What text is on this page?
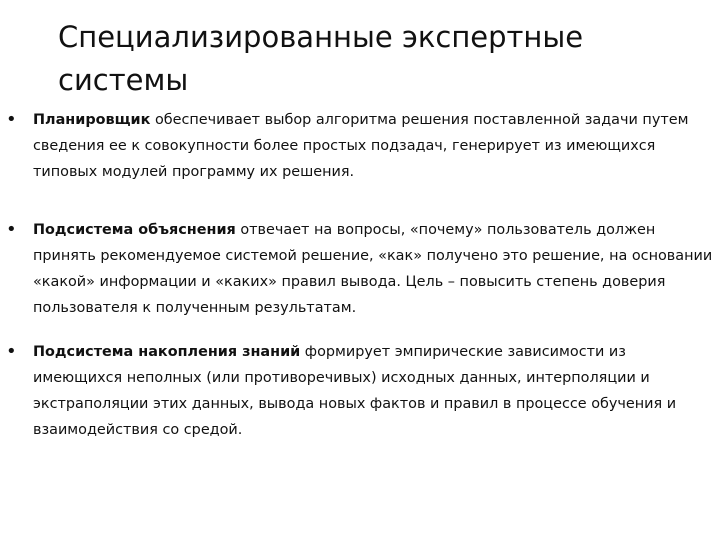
Специализированные экспертные системы
• Планировщик обеспечивает выбор алгоритма решения поставленной задачи путем сведения ее к совокупности более простых подзадач, генерирует из имеющихся типовых модулей программу их решения.

• Подсистема объяснения отвечает на вопросы, «почему» пользователь должен принять рекомендуемое системой решение, «как» получено это решение, на основании «какой» информации и «каких» правил вывода. Цель – повысить степень доверия пользователя к полученным результатам.

• Подсистема накопления знаний формирует эмпирические зависимости из имеющихся неполных (или противоречивых) исходных данных, интерполяции и экстраполяции этих данных, вывода новых фактов и правил в процессе обучения и взаимодействия со средой.
